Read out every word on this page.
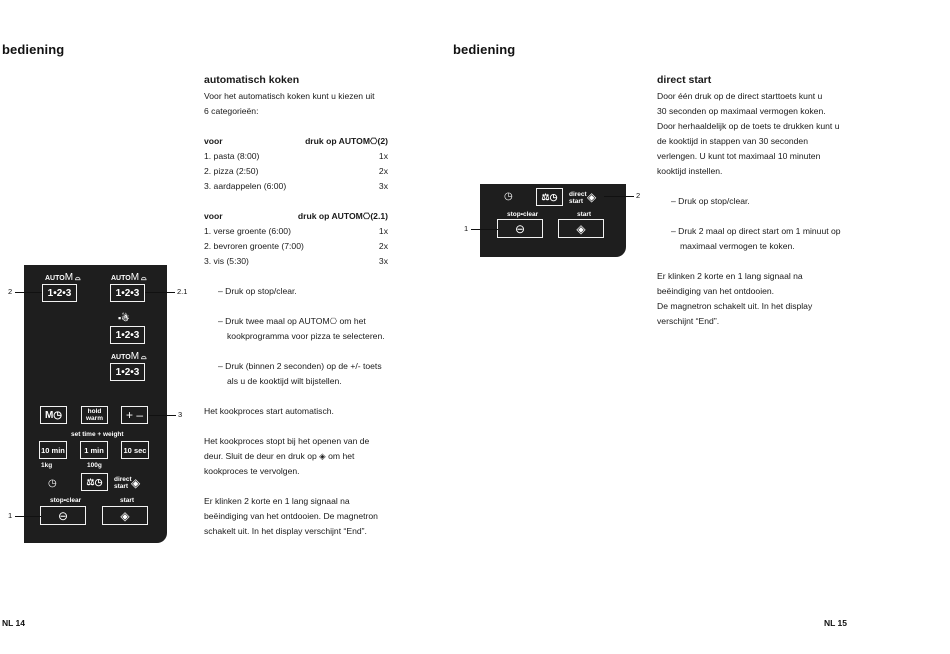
bediening
NL 14
AUTOM ⌓	AUTOM ⌓
1•2•3	1•2•3
▪☃
1•2•3
AUTOM ⌓
1•2•3
M◷	hold
warm	+ –
set time + weight
10 min	1 min	10 sec
1kg	100g
◷	⚖◷ direct
start ◈
stop•clear	start
⊖	◈
2	2.1
3
1
automatisch koken
Voor het automatisch koken kunt u kiezen uit
6 categorieën:
voor	druk op AUTOM⎔(2)
1. pasta (8:00)	1x
2. pizza (2:50)	2x
3. aardappelen (6:00)	3x
voor	druk op AUTOM⎔(2.1)
1. verse groente (6:00)	1x
2. bevroren groente (7:00)	2x
3. vis (5:30)	3x
– Druk op stop/clear.
– Druk twee maal op AUTOM⎔ om het
kookprogramma voor pizza te selecteren.
– Druk (binnen 2 seconden) op de +/- toets
als u de kooktijd wilt bijstellen.
Het kookproces start automatisch.
Het kookproces stopt bij het openen van de
deur. Sluit de deur en druk op ◈ om het
kookproces te vervolgen.
Er klinken 2 korte en 1 lang signaal na
beëindiging van het ontdooien. De magnetron
schakelt uit. In het display verschijnt “End”.
bediening
NL 15
◷	⚖◷ direct
start ◈
stop•clear	start
⊖	◈
2
1
direct start
Door één druk op de direct starttoets kunt u
30 seconden op maximaal vermogen koken.
Door herhaaldelijk op de toets te drukken kunt u
de kooktijd in stappen van 30 seconden
verlengen. U kunt tot maximaal 10 minuten
kooktijd instellen.
– Druk op stop/clear.
– Druk 2 maal op direct start om 1 minuut op
maximaal vermogen te koken.
Er klinken 2 korte en 1 lang signaal na
beëindiging van het ontdooien.
De magnetron schakelt uit. In het display
verschijnt “End”.
